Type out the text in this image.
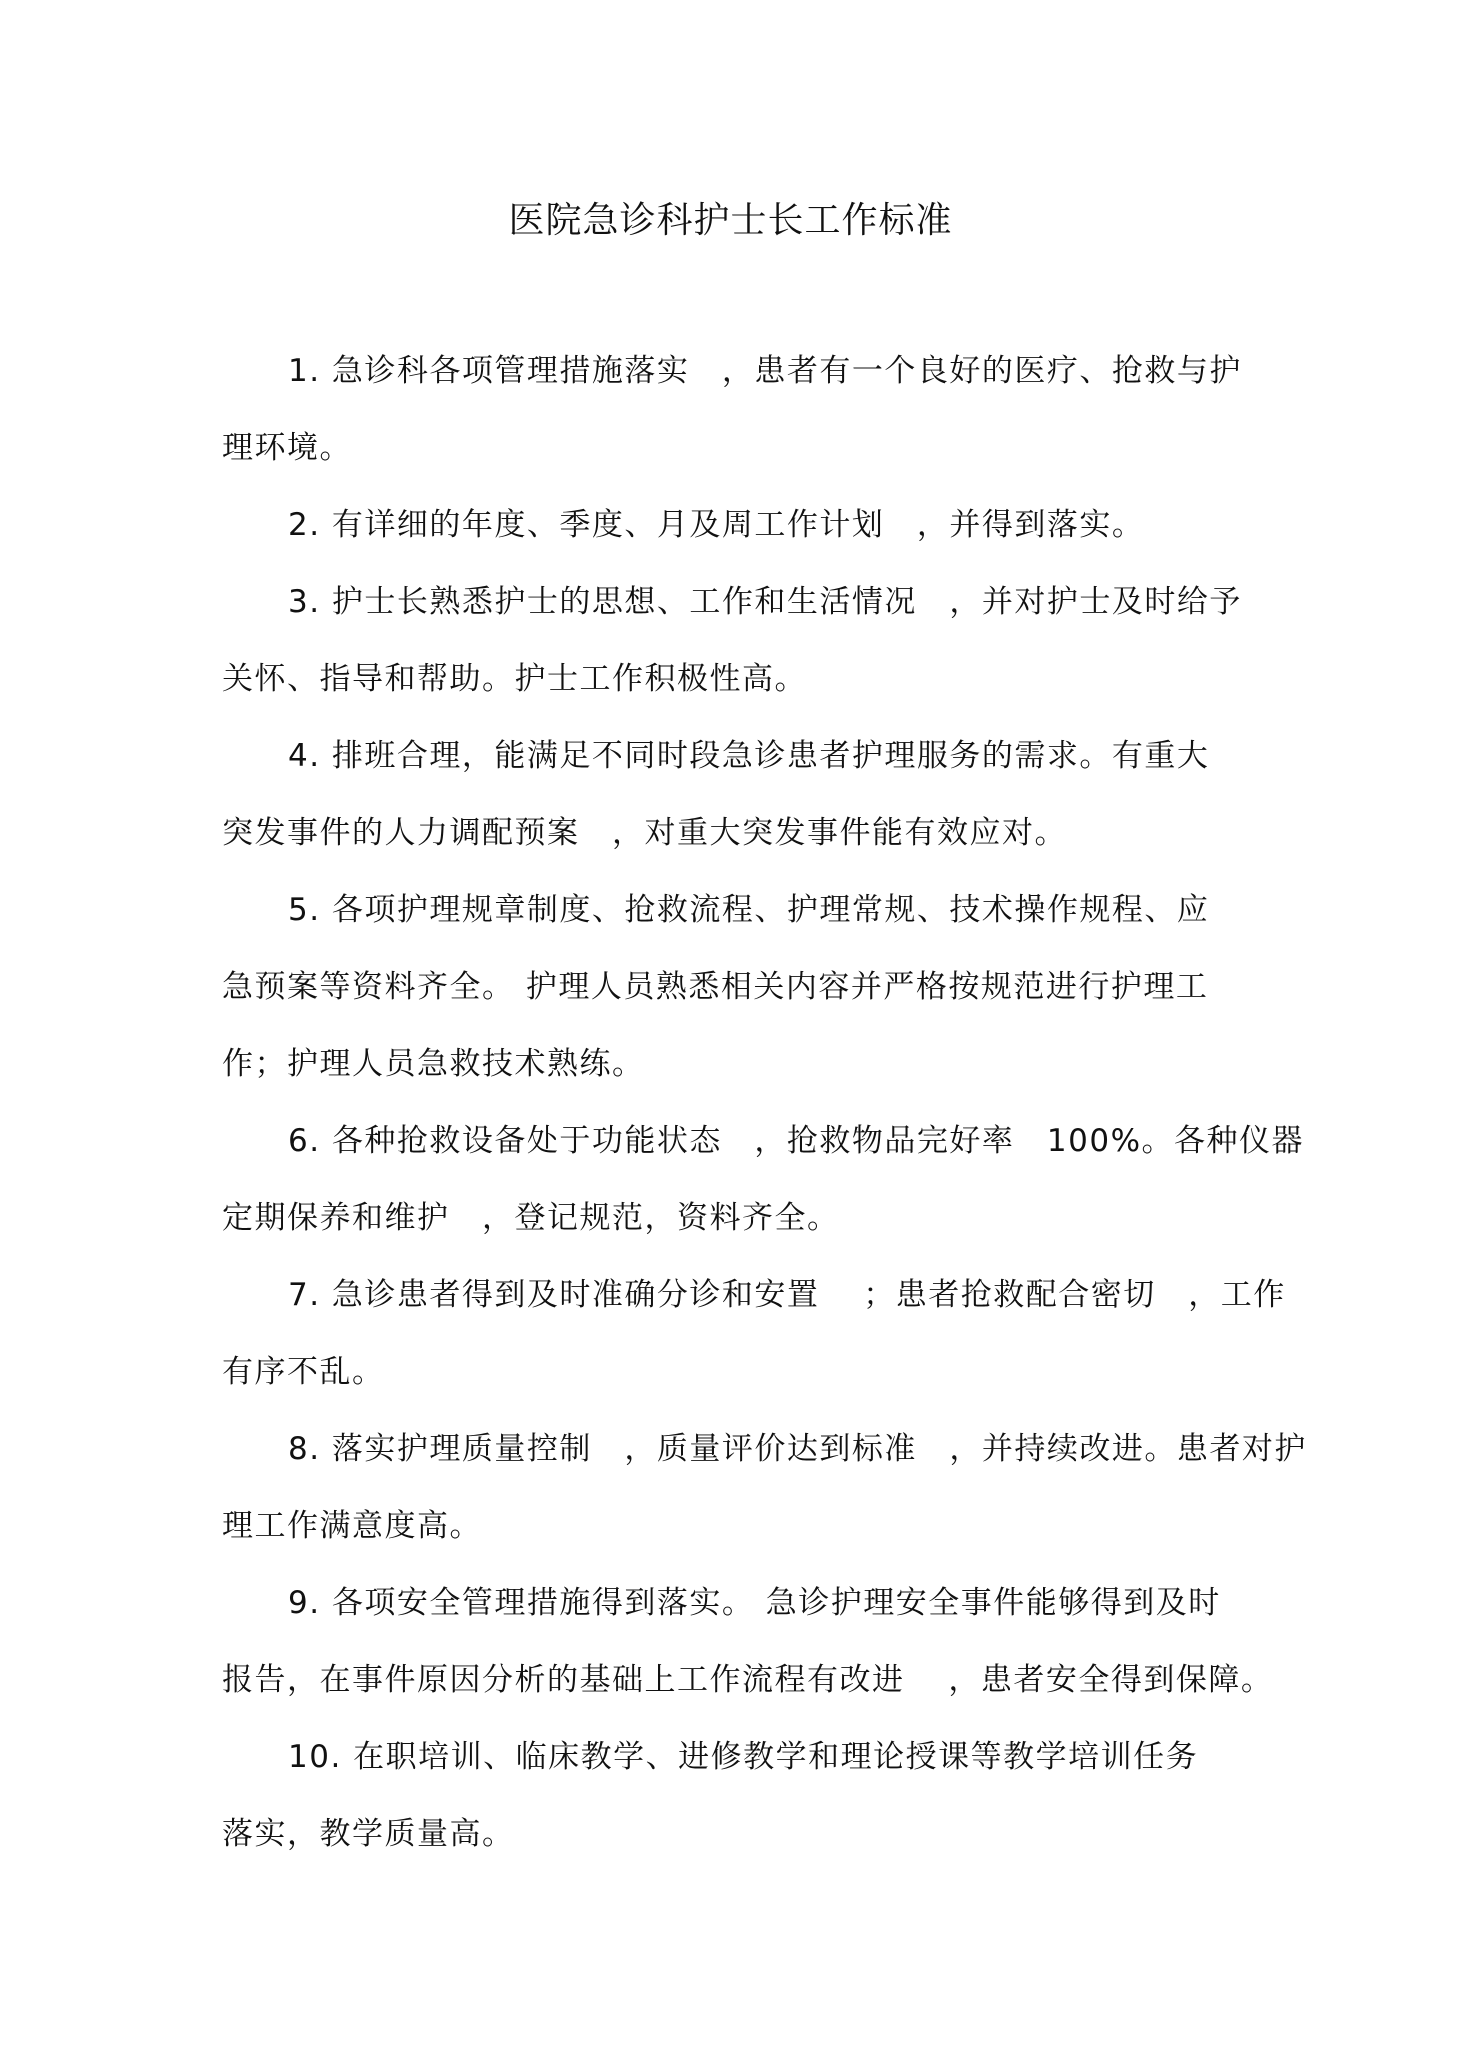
医院急诊科护士长工作标准
1. 急诊科各项管理措施落实　，患者有一个良好的医疗、抢救与护
理环境。
2. 有详细的年度、季度、月及周工作计划　，并得到落实。
3. 护士长熟悉护士的思想、工作和生活情况　，并对护士及时给予
关怀、指导和帮助。护士工作积极性高。
4. 排班合理，能满足不同时段急诊患者护理服务的需求。有重大
突发事件的人力调配预案　，对重大突发事件能有效应对。
5. 各项护理规章制度、抢救流程、护理常规、技术操作规程、应
急预案等资料齐全。 护理人员熟悉相关内容并严格按规范进行护理工
作；护理人员急救技术熟练。
6. 各种抢救设备处于功能状态　，抢救物品完好率　100%。各种仪器
定期保养和维护　，登记规范，资料齐全。
7. 急诊患者得到及时准确分诊和安置　 ；患者抢救配合密切　，工作
有序不乱。
8. 落实护理质量控制　，质量评价达到标准　，并持续改进。患者对护
理工作满意度高。
9. 各项安全管理措施得到落实。 急诊护理安全事件能够得到及时
报告，在事件原因分析的基础上工作流程有改进　 ，患者安全得到保障。
10. 在职培训、临床教学、进修教学和理论授课等教学培训任务
落实，教学质量高。
